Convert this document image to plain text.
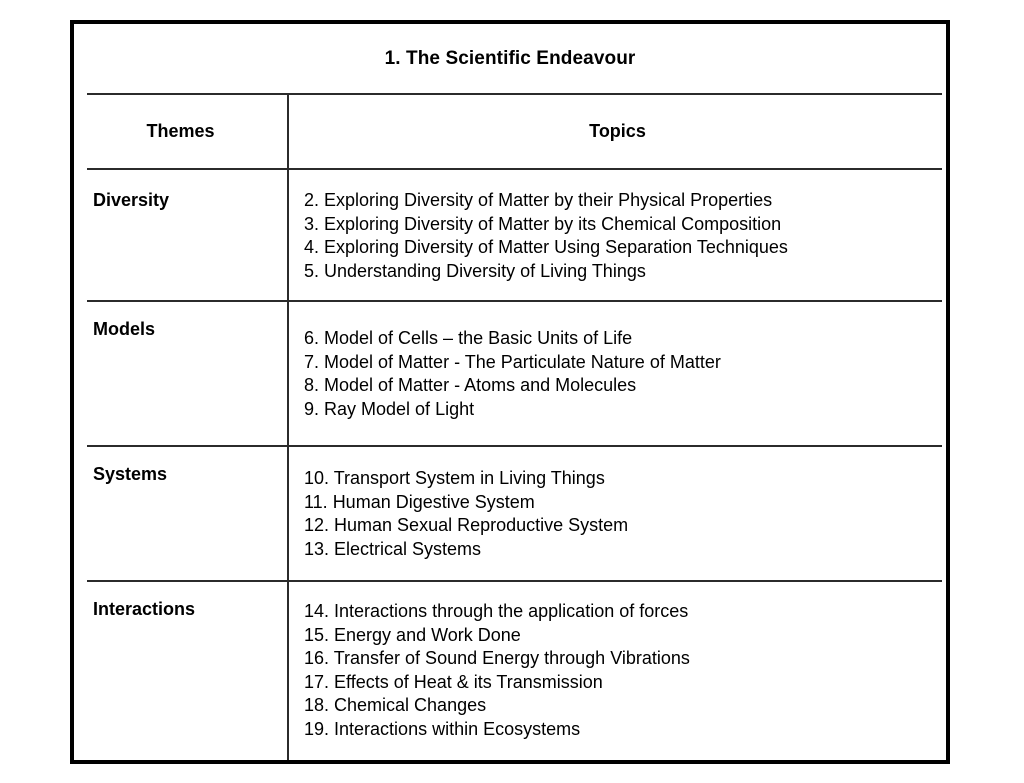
1. The Scientific Endeavour
Themes	Topics
Diversity	2. Exploring Diversity of Matter by their Physical Properties
3. Exploring Diversity of Matter by its Chemical Composition
4. Exploring Diversity of Matter Using Separation Techniques
5. Understanding Diversity of Living Things
Models	6. Model of Cells – the Basic Units of Life
7. Model of Matter - The Particulate Nature of Matter
8. Model of Matter - Atoms and Molecules
9. Ray Model of Light
Systems	10. Transport System in Living Things
11. Human Digestive System
12. Human Sexual Reproductive System
13. Electrical Systems
Interactions	14. Interactions through the application of forces
15. Energy and Work Done
16. Transfer of Sound Energy through Vibrations
17. Effects of Heat & its Transmission
18. Chemical Changes
19. Interactions within Ecosystems
